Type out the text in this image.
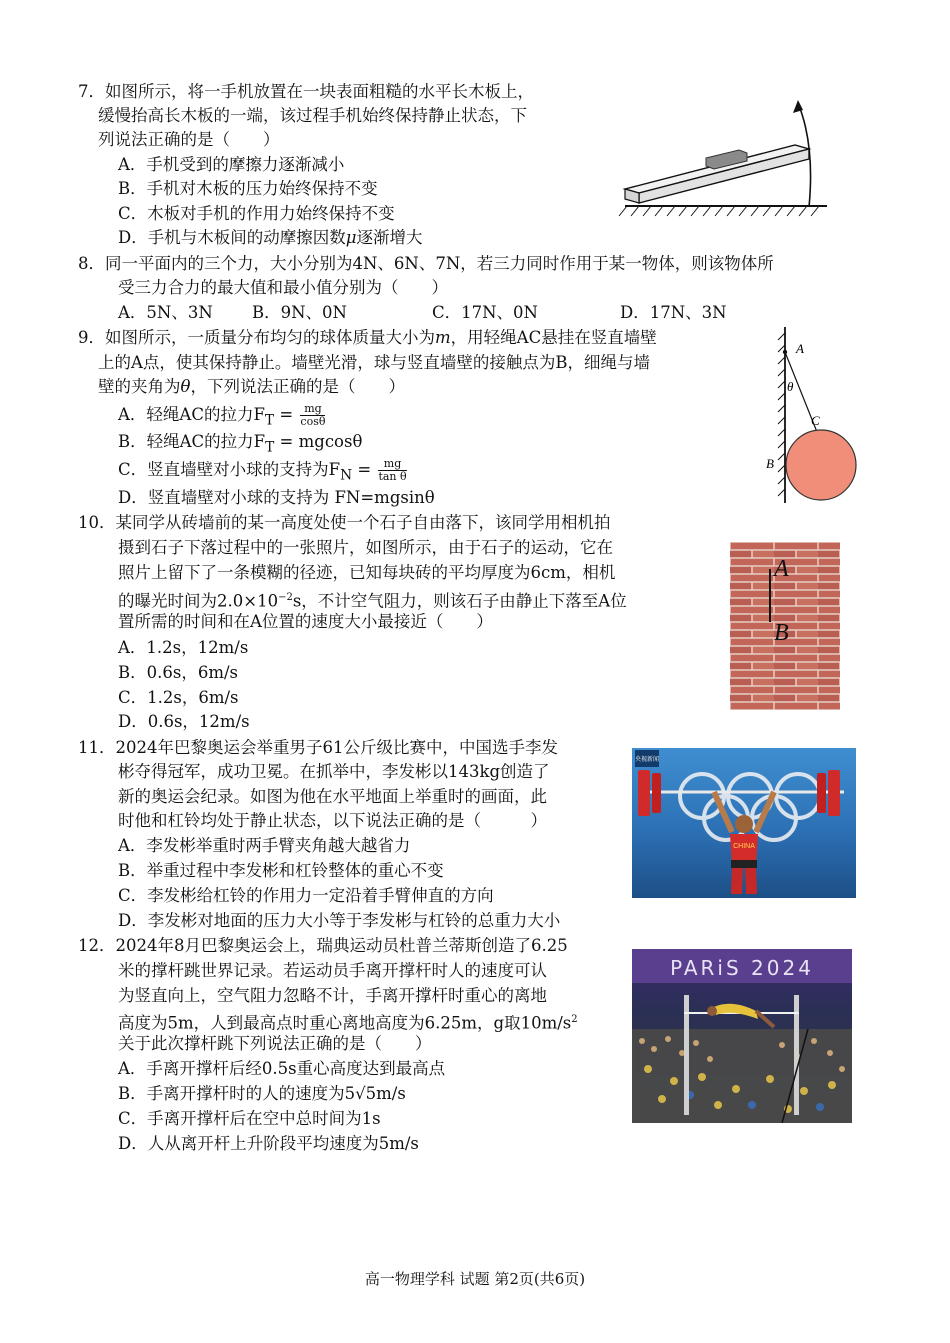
7．如图所示，将一手机放置在一块表面粗糙的水平长木板上，
缓慢抬高长木板的一端，该过程手机始终保持静止状态，下
列说法正确的是（　　）
A．手机受到的摩擦力逐渐减小
B．手机对木板的压力始终保持不变
C．木板对手机的作用力始终保持不变
D．手机与木板间的动摩擦因数μ逐渐增大
8．同一平面内的三个力，大小分别为4N、6N、7N，若三力同时作用于某一物体，则该物体所
受三力合力的最大值和最小值分别为（　　）
A．5N、3N B．9N、0N	C．17N、0N	D．17N、3N
9．如图所示，一质量分布均匀的球体质量大小为m，用轻绳AC悬挂在竖直墙壁
上的A点，使其保持静止。墙壁光滑，球与竖直墙壁的接触点为B，细绳与墙
壁的夹角为θ，下列说法正确的是（　　）
A．轻绳AC的拉力$F_T = \frac{mg}{\cos\theta}$
B．轻绳AC的拉力$F_T = mgcos\theta$
C．竖直墙壁对小球的支持为$F_N = \frac{mg}{\text{tan θ}}$
D．竖直墙壁对小球的支持为 FN=mgsinθ
A
θ
C
B
10．某同学从砖墙前的某一高度处使一个石子自由落下，该同学用相机拍
摄到石子下落过程中的一张照片，如图所示，由于石子的运动，它在
照片上留下了一条模糊的径迹，已知每块砖的平均厚度为6cm，相机
的曝光时间为$2.0\times 10^{-2}s$，不计空气阻力，则该石子由静止下落至A位
置所需的时间和在A位置的速度大小最接近（　　）
A．1.2s，12m/s
B．0.6s，6m/s
C．1.2s，6m/s
D．0.6s，12m/s
A
B
11．2024年巴黎奥运会举重男子61公斤级比赛中，中国选手李发
彬夺得冠军，成功卫冕。在抓举中，李发彬以143kg创造了
新的奥运会纪录。如图为他在水平地面上举重时的画面，此
时他和杠铃均处于静止状态，以下说法正确的是（　　　）
A．李发彬举重时两手臂夹角越大越省力
B．举重过程中李发彬和杠铃整体的重心不变
C．李发彬给杠铃的作用力一定沿着手臂伸直的方向
D．李发彬对地面的压力大小等于李发彬与杠铃的总重力大小
CHINA
央视新闻
12．2024年8月巴黎奥运会上，瑞典运动员杜普兰蒂斯创造了6.25
米的撑杆跳世界记录。若运动员手离开撑杆时人的速度可认
为竖直向上，空气阻力忽略不计，手离开撑杆时重心的离地
高度为5m，人到最高点时重心离地高度为6.25m，g取$10m/s^2$
关于此次撑杆跳下列说法正确的是（　　）
A．手离开撑杆后经0.5s重心高度达到最高点
B．手离开撑杆时的人的速度为5√5m/s
C．手离开撑杆后在空中总时间为1s
D．人从离开杆上升阶段平均速度为5m/s
PARiS 2024
高一物理学科 试题 第2页(共6页)
